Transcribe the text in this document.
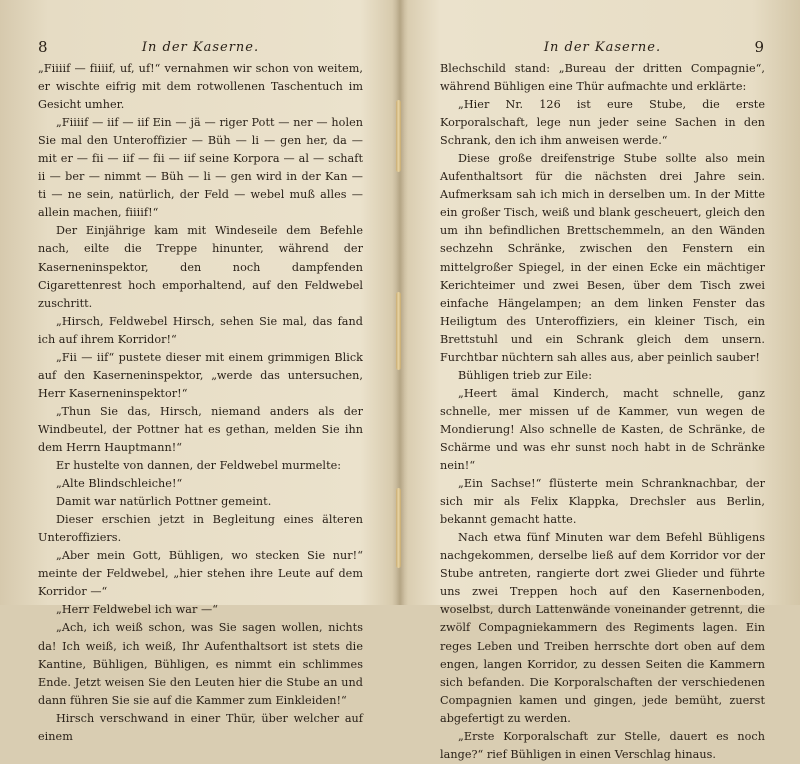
8	In der Kaserne.

„Fiiiif — fiiiif, uf, uf!“ vernahmen wir schon von weitem, er wischte eifrig mit dem rotwollenen Taschentuch im Gesicht umher.

„Fiiiif — iif — iif Ein — jä — riger Pott — ner — holen Sie mal den Unteroffizier — Büh — li — gen her, da — mit er — fii — iif — fii — iif seine Korpora — al — schaft ii — ber — nimmt — Büh — li — gen wird in der Kan — ti — ne sein, natürlich, der Feld — webel muß alles — allein machen, fiiiif!“

Der Einjährige kam mit Windeseile dem Befehle nach, eilte die Treppe hinunter, während der Kaserneninspektor, den noch dampfenden Cigarettenrest hoch emporhaltend, auf den Feldwebel zuschritt.

„Hirsch, Feldwebel Hirsch, sehen Sie mal, das fand ich auf ihrem Korridor!“

„Fii — iif“ pustete dieser mit einem grimmigen Blick auf den Kaserneninspektor, „werde das untersuchen, Herr Kaserneninspektor!“

„Thun Sie das, Hirsch, niemand anders als der Windbeutel, der Pottner hat es gethan, melden Sie ihn dem Herrn Hauptmann!“

Er hustelte von dannen, der Feldwebel murmelte:

„Alte Blindschleiche!“

Damit war natürlich Pottner gemeint.

Dieser erschien jetzt in Begleitung eines älteren Unteroffiziers.

„Aber mein Gott, Bühligen, wo stecken Sie nur!“ meinte der Feldwebel, „hier stehen ihre Leute auf dem Korridor —“

„Herr Feldwebel ich war —“

„Ach, ich weiß schon, was Sie sagen wollen, nichts da! Ich weiß, ich weiß, Ihr Aufenthaltsort ist stets die Kantine, Bühligen, Bühligen, es nimmt ein schlimmes Ende. Jetzt weisen Sie den Leuten hier die Stube an und dann führen Sie sie auf die Kammer zum Einkleiden!“

Hirsch verschwand in einer Thür, über welcher auf einem

In der Kaserne.	9

Blechschild stand: „Bureau der dritten Compagnie“, während Bühligen eine Thür aufmachte und erklärte:

„Hier Nr. 126 ist eure Stube, die erste Korporalschaft, lege nun jeder seine Sachen in den Schrank, den ich ihm anweisen werde.“

Diese große dreifenstrige Stube sollte also mein Aufenthaltsort für die nächsten drei Jahre sein. Aufmerksam sah ich mich in derselben um. In der Mitte ein großer Tisch, weiß und blank gescheuert, gleich den um ihn befindlichen Brettschemmeln, an den Wänden sechzehn Schränke, zwischen den Fenstern ein mittelgroßer Spiegel, in der einen Ecke ein mächtiger Kerichteimer und zwei Besen, über dem Tisch zwei einfache Hängelampen; an dem linken Fenster das Heiligtum des Unteroffiziers, ein kleiner Tisch, ein Brettstuhl und ein Schrank gleich dem unsern. Furchtbar nüchtern sah alles aus, aber peinlich sauber!

Bühligen trieb zur Eile:

„Heert ämal Kinderch, macht schnelle, ganz schnelle, mer missen uf de Kammer, vun wegen de Mondierung! Also schnelle de Kasten, de Schränke, de Schärme und was ehr sunst noch habt in de Schränke nein!“

„Ein Sachse!“ flüsterte mein Schranknachbar, der sich mir als Felix Klappka, Drechsler aus Berlin, bekannt gemacht hatte.

Nach etwa fünf Minuten war dem Befehl Bühligens nachgekommen, derselbe ließ auf dem Korridor vor der Stube antreten, rangierte dort zwei Glieder und führte uns zwei Treppen hoch auf den Kasernenboden, woselbst, durch Lattenwände voneinander getrennt, die zwölf Compagniekammern des Regiments lagen. Ein reges Leben und Treiben herrschte dort oben auf dem engen, langen Korridor, zu dessen Seiten die Kammern sich befanden. Die Korporalschaften der verschiedenen Compagnien kamen und gingen, jede bemüht, zuerst abgefertigt zu werden.

„Erste Korporalschaft zur Stelle, dauert es noch lange?“ rief Bühligen in einen Verschlag hinaus.
